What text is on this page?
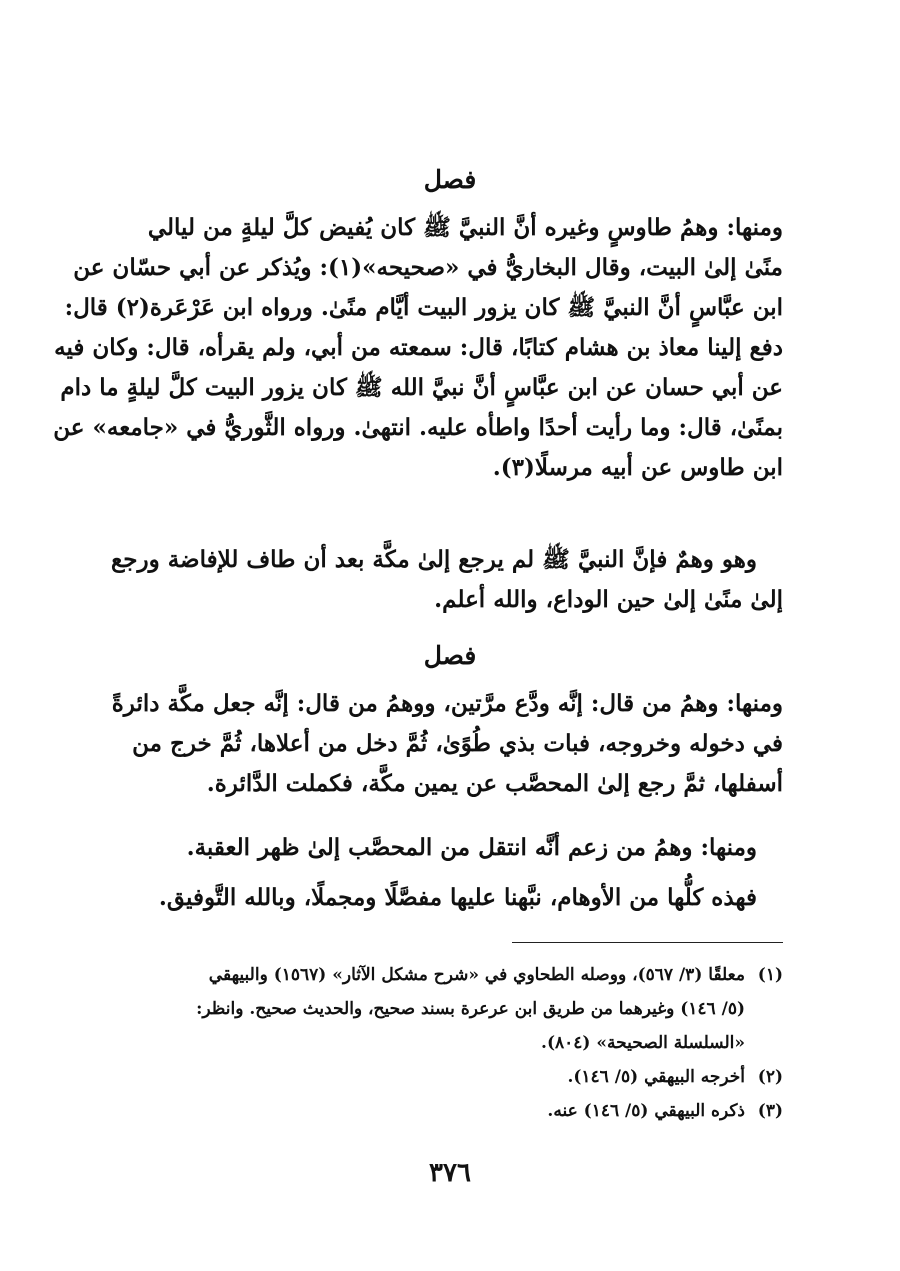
فصل
ومنها: وهمُ طاوسٍ وغيره أنَّ النبيَّ ﷺ كان يُفيض كلَّ ليلةٍ من ليالي
منًىٰ إلىٰ البيت، وقال البخاريُّ في «صحيحه»(١): ويُذكر عن أبي حسّان عن
ابن عبَّاسٍ أنَّ النبيَّ ﷺ كان يزور البيت أيَّام منًىٰ. ورواه ابن عَرْعَرة(٢) قال:
دفع إلينا معاذ بن هشام كتابًا، قال: سمعته من أبي، ولم يقرأه، قال: وكان فيه
عن أبي حسان عن ابن عبَّاسٍ أنَّ نبيَّ الله ﷺ كان يزور البيت كلَّ ليلةٍ ما دام
بمنًىٰ، قال: وما رأيت أحدًا واطأه عليه. انتهىٰ. ورواه الثَّوريُّ في «جامعه» عن
ابن طاوس عن أبيه مرسلًا(٣).
وهو وهمٌ فإنَّ النبيَّ ﷺ لم يرجع إلىٰ مكَّة بعد أن طاف للإفاضة ورجع
إلىٰ منًىٰ إلىٰ حين الوداع، والله أعلم.
فصل
ومنها: وهمُ من قال: إنَّه ودَّع مرَّتين، ووهمُ من قال: إنَّه جعل مكَّة دائرةً
في دخوله وخروجه، فبات بذي طُوًىٰ، ثُمَّ دخل من أعلاها، ثُمَّ خرج من
أسفلها، ثمَّ رجع إلىٰ المحصَّب عن يمين مكَّة، فكملت الدَّائرة.
ومنها: وهمُ من زعم أنَّه انتقل من المحصَّب إلىٰ ظهر العقبة.
فهذه كلُّها من الأوهام، نبَّهنا عليها مفصَّلًا ومجملًا، وبالله التَّوفيق.
(١)معلقًا (٣/ ٥٦٧)، ووصله الطحاوي في «شرح مشكل الآثار» (١٥٦٧) والبيهقي
(٥/ ١٤٦) وغيرهما من طريق ابن عرعرة بسند صحيح، والحديث صحيح. وانظر:
«السلسلة الصحيحة» (٨٠٤).
(٢)أخرجه البيهقي (٥/ ١٤٦).
(٣)ذكره البيهقي (٥/ ١٤٦) عنه.
٣٧٦
